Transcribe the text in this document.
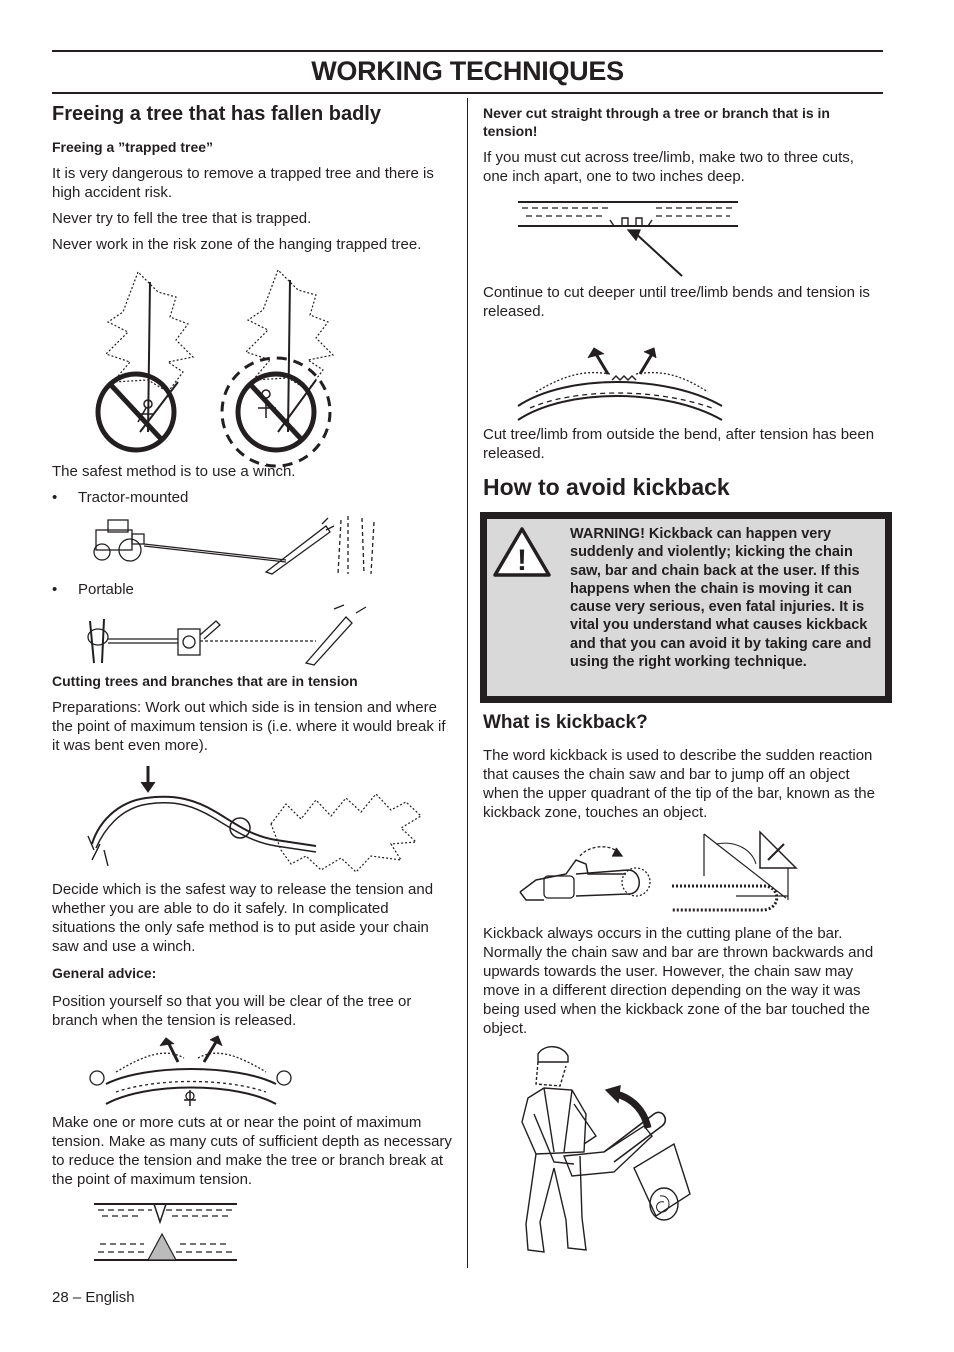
WORKING TECHNIQUES
Freeing a tree that has fallen badly
Freeing a ”trapped tree”
It is very dangerous to remove a trapped tree and there is high accident risk.
Never try to fell the tree that is trapped.
Never work in the risk zone of the hanging trapped tree.
The safest method is to use a winch.
• Tractor-mounted
• Portable
Cutting trees and branches that are in tension
Preparations: Work out which side is in tension and where the point of maximum tension is (i.e. where it would break if it was bent even more).
Decide which is the safest way to release the tension and whether you are able to do it safely. In complicated situations the only safe method is to put aside your chain saw and use a winch.
General advice:
Position yourself so that you will be clear of the tree or branch when the tension is released.
Make one or more cuts at or near the point of maximum tension. Make as many cuts of sufficient depth as necessary to reduce the tension and make the tree or branch break at the point of maximum tension.
Never cut straight through a tree or branch that is in tension!
If you must cut across tree/limb, make two to three cuts, one inch apart, one to two inches deep.
Continue to cut deeper until tree/limb bends and tension is released.
Cut tree/limb from outside the bend, after tension has been released.
How to avoid kickback
!
WARNING! Kickback can happen very suddenly and violently; kicking the chain saw, bar and chain back at the user. If this happens when the chain is moving it can cause very serious, even fatal injuries. It is vital you understand what causes kickback and that you can avoid it by taking care and using the right working technique.
What is kickback?
The word kickback is used to describe the sudden reaction that causes the chain saw and bar to jump off an object when the upper quadrant of the tip of the bar, known as the kickback zone, touches an object.
Kickback always occurs in the cutting plane of the bar. Normally the chain saw and bar are thrown backwards and upwards towards the user. However, the chain saw may move in a different direction depending on the way it was being used when the kickback zone of the bar touched the object.
28 – English
